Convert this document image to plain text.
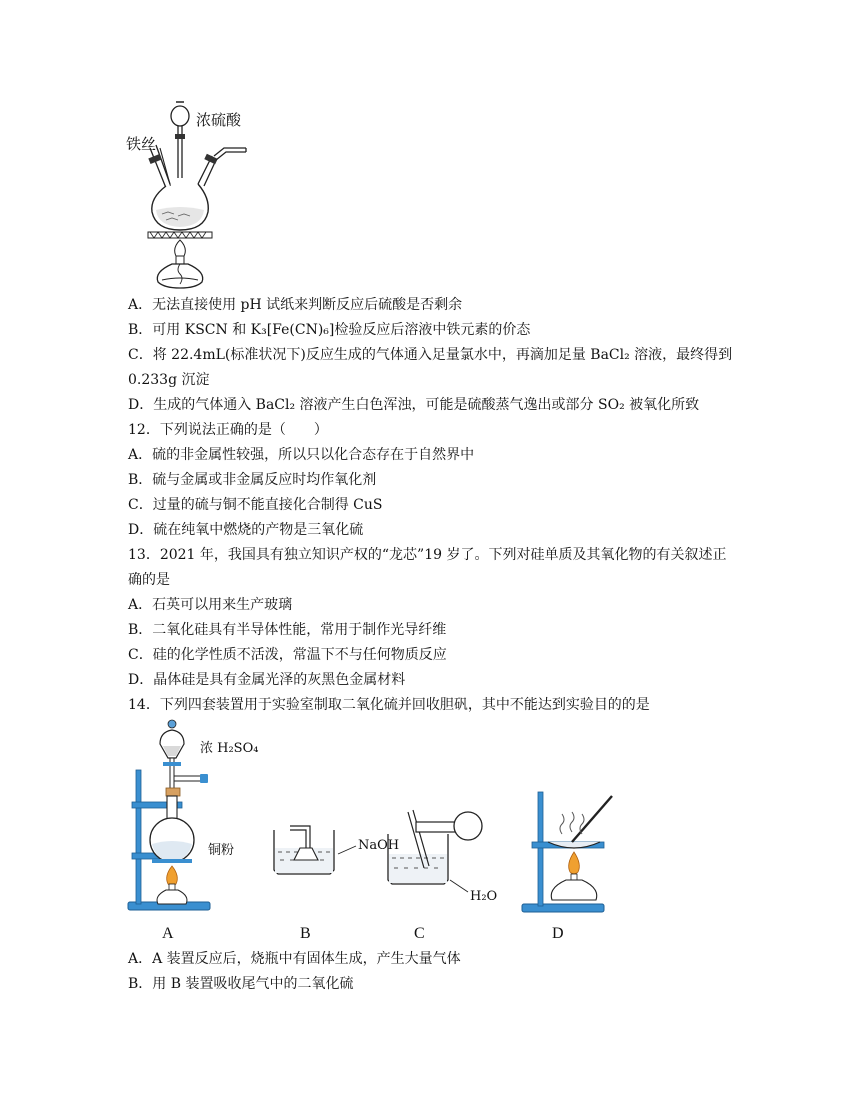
浓硫酸
铁丝
A．无法直接使用 pH 试纸来判断反应后硫酸是否剩余
B．可用 KSCN 和 K₃[Fe(CN)₆]检验反应后溶液中铁元素的价态
C．将 22.4mL(标准状况下)反应生成的气体通入足量氯水中，再滴加足量 BaCl₂ 溶液，最终得到
0.233g 沉淀
D．生成的气体通入 BaCl₂ 溶液产生白色浑浊，可能是硫酸蒸气逸出或部分 SO₂ 被氧化所致
12．下列说法正确的是（　　）
A．硫的非金属性较强，所以只以化合态存在于自然界中
B．硫与金属或非金属反应时均作氧化剂
C．过量的硫与铜不能直接化合制得 CuS
D．硫在纯氧中燃烧的产物是三氧化硫
13．2021 年，我国具有独立知识产权的“龙芯”19 岁了。下列对硅单质及其氧化物的有关叙述正
确的是
A．石英可以用来生产玻璃
B．二氧化硅具有半导体性能，常用于制作光导纤维
C．硅的化学性质不活泼，常温下不与任何物质反应
D．晶体硅是具有金属光泽的灰黑色金属材料
14．下列四套装置用于实验室制取二氧化硫并回收胆矾，其中不能达到实验目的的是
浓 H₂SO₄
铜粉	NaOH
H₂O
A	B	C	D
A．A 装置反应后，烧瓶中有固体生成，产生大量气体
B．用 B 装置吸收尾气中的二氧化硫
